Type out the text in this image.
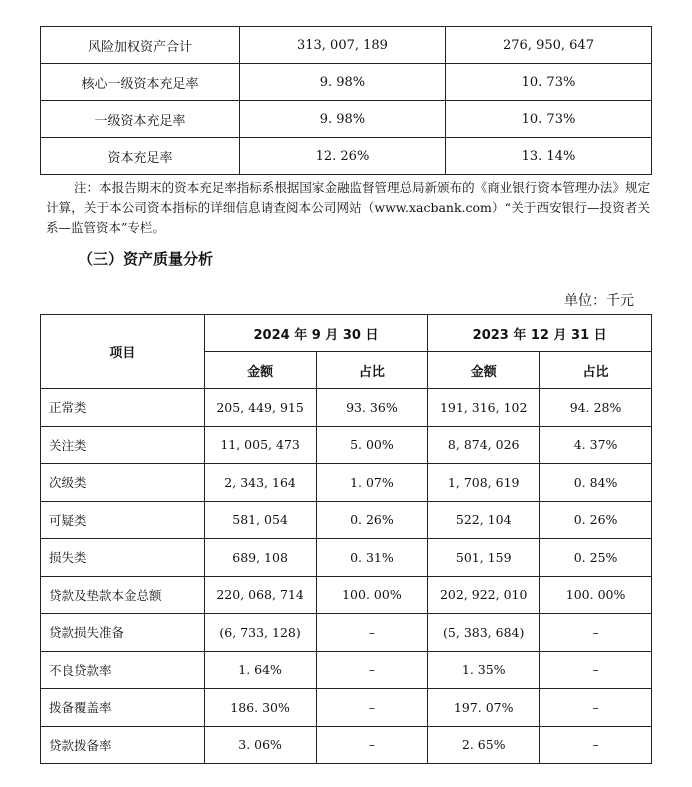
风险加权资产合计	313, 007, 189	276, 950, 647
核心一级资本充足率	9. 98%	10. 73%
一级资本充足率	9. 98%	10. 73%
资本充足率	12. 26%	13. 14%
注：本报告期末的资本充足率指标系根据国家金融监督管理总局新颁布的《商业银行资本管理办法》规定计算，关于本公司资本指标的详细信息请查阅本公司网站（www.xacbank.com）“关于西安银行—投资者关系—监管资本”专栏。
（三）资产质量分析
单位：千元
项目	2024 年 9 月 30 日		2023 年 12 月 31 日	
	金额	占比	金额	占比
正常类	205, 449, 915	93. 36%	191, 316, 102	94. 28%
关注类	11, 005, 473	5. 00%	8, 874, 026	4. 37%
次级类	2, 343, 164	1. 07%	1, 708, 619	0. 84%
可疑类	581, 054	0. 26%	522, 104	0. 26%
损失类	689, 108	0. 31%	501, 159	0. 25%
贷款及垫款本金总额	220, 068, 714	100. 00%	202, 922, 010	100. 00%
贷款损失准备	(6, 733, 128)	–	(5, 383, 684)	–
不良贷款率	1. 64%	–	1. 35%	–
拨备覆盖率	186. 30%	–	197. 07%	–
贷款拨备率	3. 06%	–	2. 65%	–
